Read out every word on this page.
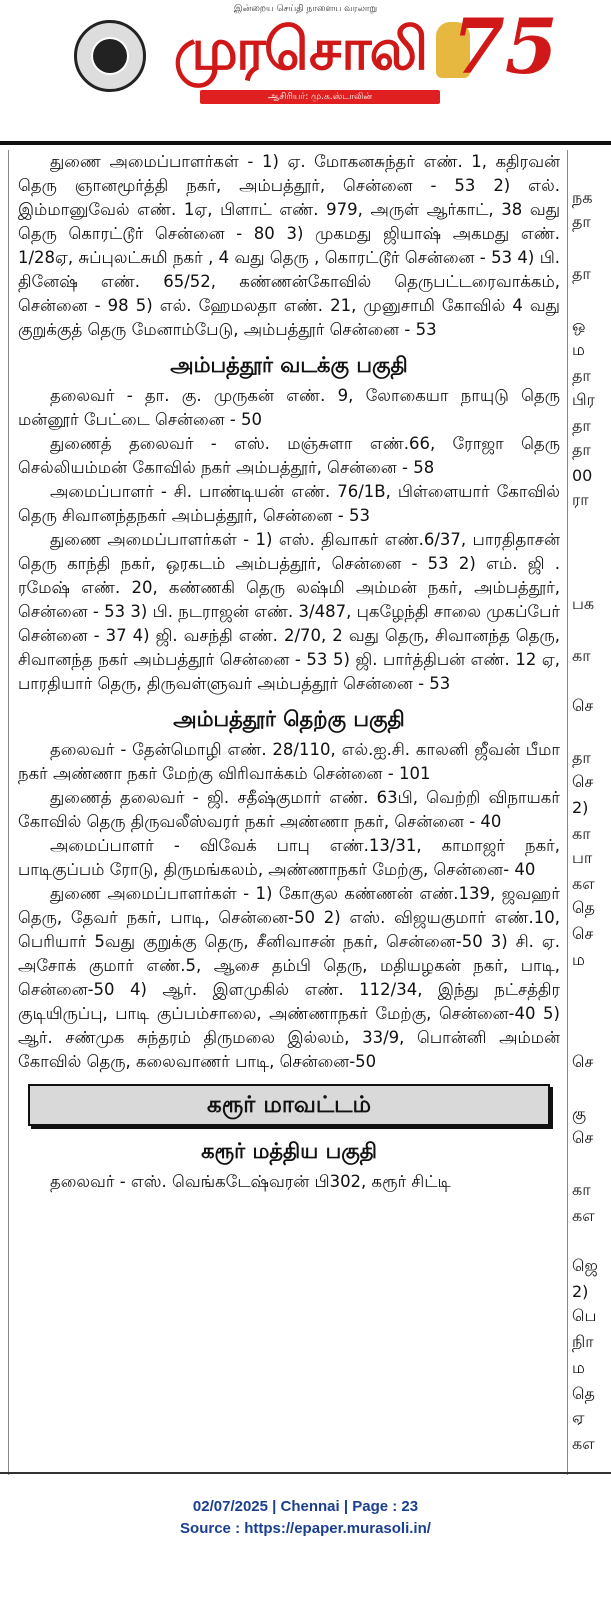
இன்றைய செய்தி நாளைய வரலாறு
முரசொலி
ஆசிரியர்: மு.க.ஸ்டாலின்
75

துணை அமைப்பாளர்கள் - 1) ஏ. மோகனசுந்தர் எண். 1, கதிரவன் தெரு ஞானமூர்த்தி நகர், அம்பத்தூர், சென்னை - 53 2) எல். இம்மானுவேல் எண். 1ஏ, பிளாட் எண். 979, அருள் ஆர்காட், 38 வது தெரு கொரட்டூர் சென்னை - 80 3) முகமது ஜியாஷ் அகமது எண். 1/28ஏ, சுப்புலட்சுமி நகர் , 4 வது தெரு , கொரட்டூர் சென்னை - 53 4) பி. தினேஷ் எண். 65/52, கண்ணன்கோவில் தெருபட்டரைவாக்கம், சென்னை - 98 5) எல். ஹேமலதா எண். 21, முனுசாமி கோவில் 4 வது குறுக்குத் தெரு மேனாம்பேடு, அம்பத்தூர் சென்னை - 53

அம்பத்தூர் வடக்கு பகுதி

தலைவர் - தா. கு. முருகன் எண். 9, லோகையா நாயுடு தெரு மன்னூர் பேட்டை சென்னை - 50

துணைத் தலைவர் - எஸ். மஞ்சுளா எண்.66, ரோஜா தெரு செல்லியம்மன் கோவில் நகர் அம்பத்தூர், சென்னை - 58

அமைப்பாளர் - சி. பாண்டியன் எண். 76/1B, பிள்ளையார் கோவில் தெரு சிவானந்தநகர் அம்பத்தூர், சென்னை - 53

துணை அமைப்பாளர்கள் - 1) எஸ். திவாகர் எண்.6/37, பாரதிதாசன் தெரு காந்தி நகர், ஒரகடம் அம்பத்தூர், சென்னை - 53 2) எம். ஜி . ரமேஷ் எண். 20, கண்ணகி தெரு லஷ்மி அம்மன் நகர், அம்பத்தூர், சென்னை - 53 3) பி. நடராஜன் எண். 3/487, புகழேந்தி சாலை முகப்பேர் சென்னை - 37 4) ஜி. வசந்தி எண். 2/70, 2 வது தெரு, சிவானந்த தெரு, சிவானந்த நகர் அம்பத்தூர் சென்னை - 53 5) ஜி. பார்த்திபன் எண். 12 ஏ, பாரதியார் தெரு, திருவள்ளுவர் அம்பத்தூர் சென்னை - 53

அம்பத்தூர் தெற்கு பகுதி

தலைவர் - தேன்மொழி எண். 28/110, எல்.ஐ.சி. காலனி ஜீவன் பீமா நகர் அண்ணா நகர் மேற்கு விரிவாக்கம் சென்னை - 101

துணைத் தலைவர் - ஜி. சதீஷ்குமார் எண். 63பி, வெற்றி விநாயகர் கோவில் தெரு திருவலீஸ்வரர் நகர் அண்ணா நகர், சென்னை - 40

அமைப்பாளர் - விவேக் பாபு எண்.13/31, காமாஜர் நகர், பாடிகுப்பம் ரோடு, திருமங்கலம், அண்ணாநகர் மேற்கு, சென்னை- 40

துணை அமைப்பாளர்கள் - 1) கோகுல கண்ணன் எண்.139, ஜவஹர் தெரு, தேவர் நகர், பாடி, சென்னை-50 2) எஸ். விஜயகுமார் எண்.10, பெரியார் 5வது குறுக்கு தெரு, சீனிவாசன் நகர், சென்னை-50 3) சி. ஏ. அசோக் குமார் எண்.5, ஆசை தம்பி தெரு, மதியழகன் நகர், பாடி, சென்னை-50 4) ஆர். இளமுகில் எண். 112/34, இந்து நட்சத்திர குடியிருப்பு, பாடி குப்பம்சாலை, அண்ணாநகர் மேற்கு, சென்னை-40 5) ஆர். சண்முக சுந்தரம் திருமலை இல்லம், 33/9, பொன்னி அம்மன் கோவில் தெரு, கலைவாணர் பாடி, சென்னை-50

கரூர் மாவட்டம்
கரூர் மத்திய பகுதி

தலைவர் - எஸ். வெங்கடேஷ்வரன் பி302, கரூர் சிட்டி

நக
தா
தா
ஒ
ம
தா
பிர
தா
தா
00
ரா
பக
கா
செ
தா
செ
2)
கா
பா
கஎ
தெ
செ
ம
செ
கு
செ
கா
கஎ
ஜெ
2)
பெ
நிா
ம
தெ
ஏ
கஎ
02/07/2025 | Chennai | Page : 23
Source : https://epaper.murasoli.in/
